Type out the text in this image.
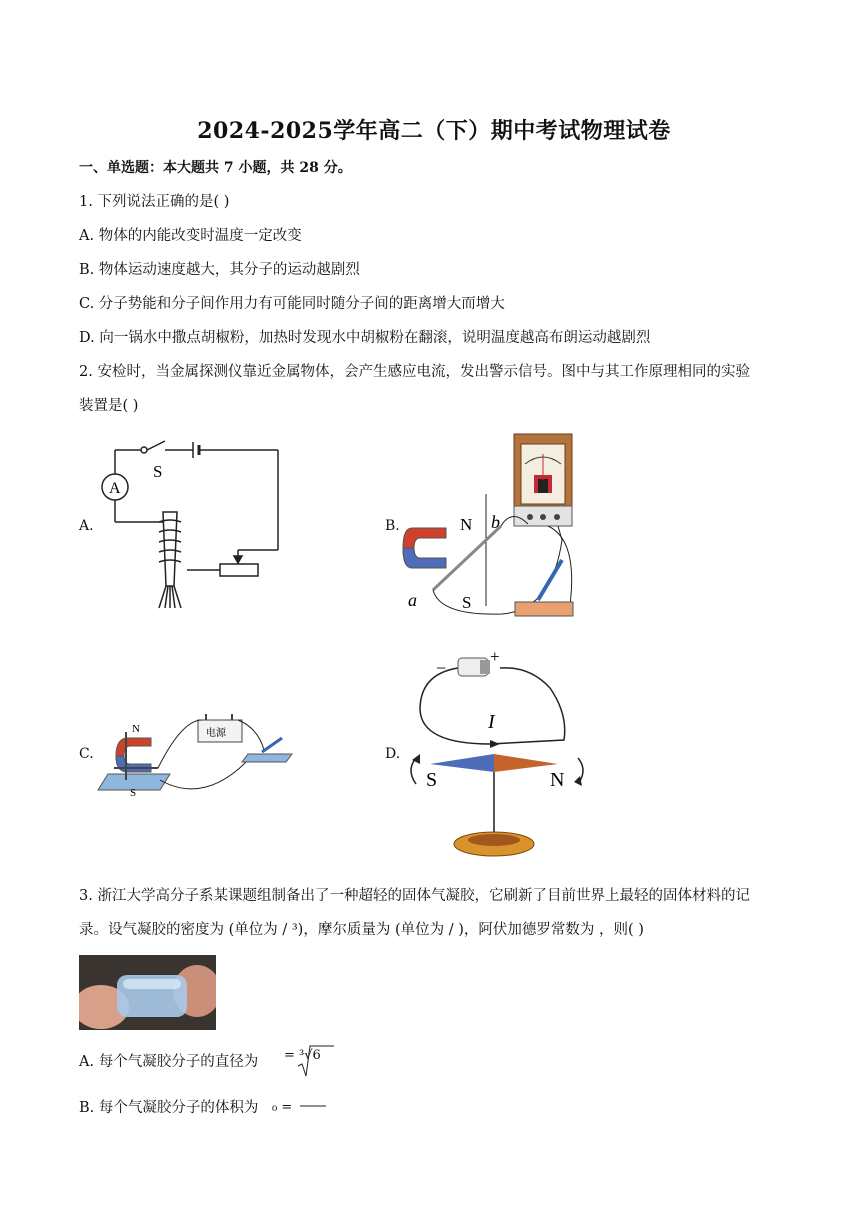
2024-2025学年高二（下）期中考试物理试卷
一、单选题：本大题共 7 小题，共 28 分。
1. 下列说法正确的是( )
A. 物体的内能改变时温度一定改变
B. 物体运动速度越大，其分子的运动越剧烈
C. 分子势能和分子间作用力有可能同时随分子间的距离增大而增大
D. 向一锅水中撒点胡椒粉，加热时发现水中胡椒粉在翻滚，说明温度越高布朗运动越剧烈
2. 安检时，当金属探测仪靠近金属物体，会产生感应电流，发出警示信号。图中与其工作原理相同的实验
装置是( )
A.
A
S
B.	N
S
a
b
C.
N
S
电源
D.
−
+
I
S	N
3. 浙江大学高分子系某课题组制备出了一种超轻的固体气凝胶，它刷新了目前世界上最轻的固体材料的记
录。设气凝胶的密度为 (单位为 / ³)，摩尔质量为 (单位为 / )，阿伏加德罗常数为 ，则( )
A. 每个气凝胶分子的直径为 = ³√6
B. 每个气凝胶分子的体积为 ₀ =
